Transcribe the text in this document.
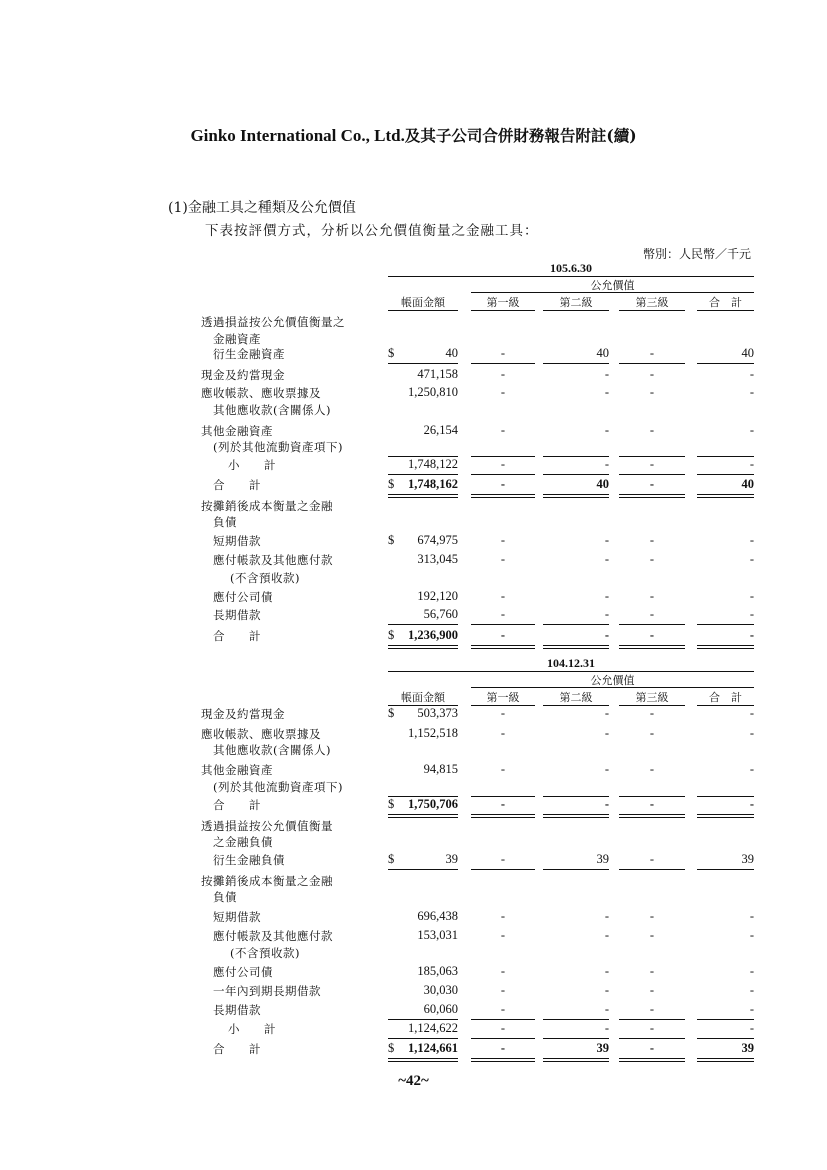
Ginko International Co., Ltd.及其子公司合併財務報告附註(續)
(1)金融工具之種類及公允價值
下表按評價方式，分析以公允價值衡量之金融工具：
幣別：人民幣／千元
105.6.30
公允價值
帳面金額	第一級	第二級	第三級	合　計
透過損益按公允價值衡量之
金融資產
衍生金融資產	$	40	-	40	-	40
現金及約當現金	471,158	-	-	-	-
應收帳款、應收票據及	1,250,810	-	-	-	-
其他應收款(含關係人)
其他金融資產	26,154	-	-	-	-
(列於其他流動資產項下)
小　　計	1,748,122	-	-	-	-
合　　計	$	1,748,162	-	40	-	40
按攤銷後成本衡量之金融
負債
短期借款	$	674,975	-	-	-	-
應付帳款及其他應付款	313,045	-	-	-	-
(不含預收款)
應付公司債	192,120	-	-	-	-
長期借款	56,760	-	-	-	-
合　　計	$	1,236,900	-	-	-	-
104.12.31
公允價值
帳面金額	第一級	第二級	第三級	合　計
現金及約當現金	$	503,373	-	-	-	-
應收帳款、應收票據及	1,152,518	-	-	-	-
其他應收款(含關係人)
其他金融資產	94,815	-	-	-	-
(列於其他流動資產項下)
合　　計	$	1,750,706	-	-	-	-
透過損益按公允價值衡量
之金融負債
衍生金融負債	$	39	-	39	-	39
按攤銷後成本衡量之金融
負債
短期借款	696,438	-	-	-	-
應付帳款及其他應付款	153,031	-	-	-	-
(不含預收款)
應付公司債	185,063	-	-	-	-
一年內到期長期借款	30,030	-	-	-	-
長期借款	60,060	-	-	-	-
小　　計	1,124,622	-	-	-	-
合　　計	$	1,124,661	-	39	-	39
~42~
